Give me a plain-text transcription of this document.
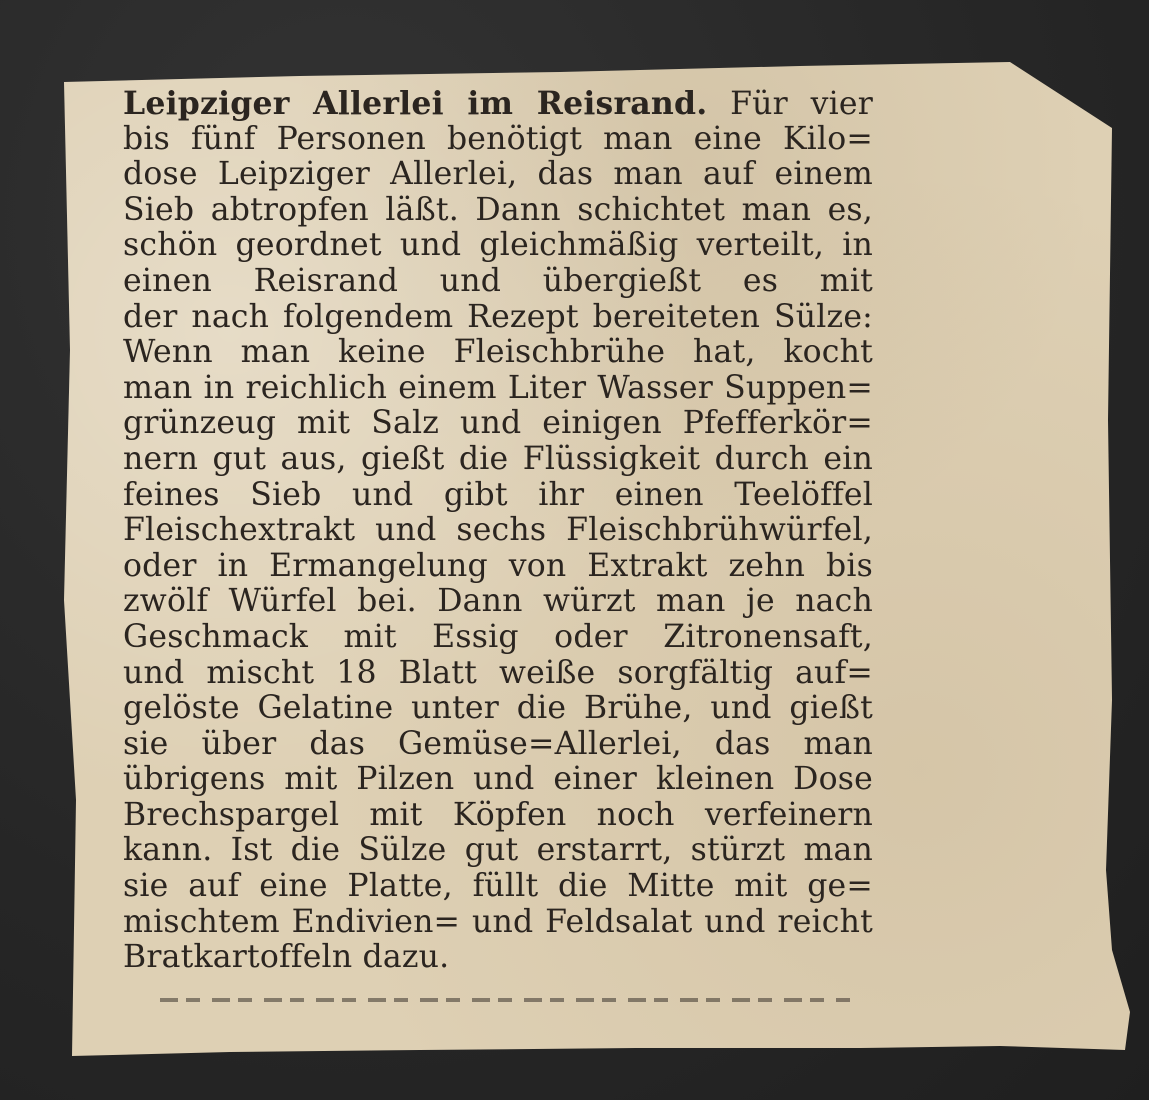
Leipziger Allerlei im Reisrand. Für vier
bis fünf Personen benötigt man eine Kilo=
dose Leipziger Allerlei, das man auf einem
Sieb abtropfen läßt. Dann schichtet man es,
schön geordnet und gleichmäßig verteilt, in
einen Reisrand und übergießt es mit
der nach folgendem Rezept bereiteten Sülze:
Wenn man keine Fleischbrühe hat, kocht
man in reichlich einem Liter Wasser Suppen=
grünzeug mit Salz und einigen Pfefferkör=
nern gut aus, gießt die Flüssigkeit durch ein
feines Sieb und gibt ihr einen Teelöffel
Fleischextrakt und sechs Fleischbrühwürfel,
oder in Ermangelung von Extrakt zehn bis
zwölf Würfel bei. Dann würzt man je nach
Geschmack mit Essig oder Zitronensaft,
und mischt 18 Blatt weiße sorgfältig auf=
gelöste Gelatine unter die Brühe, und gießt
sie über das Gemüse=Allerlei, das man
übrigens mit Pilzen und einer kleinen Dose
Brechspargel mit Köpfen noch verfeinern
kann. Ist die Sülze gut erstarrt, stürzt man
sie auf eine Platte, füllt die Mitte mit ge=
mischtem Endivien= und Feldsalat und reicht
Bratkartoffeln dazu.
